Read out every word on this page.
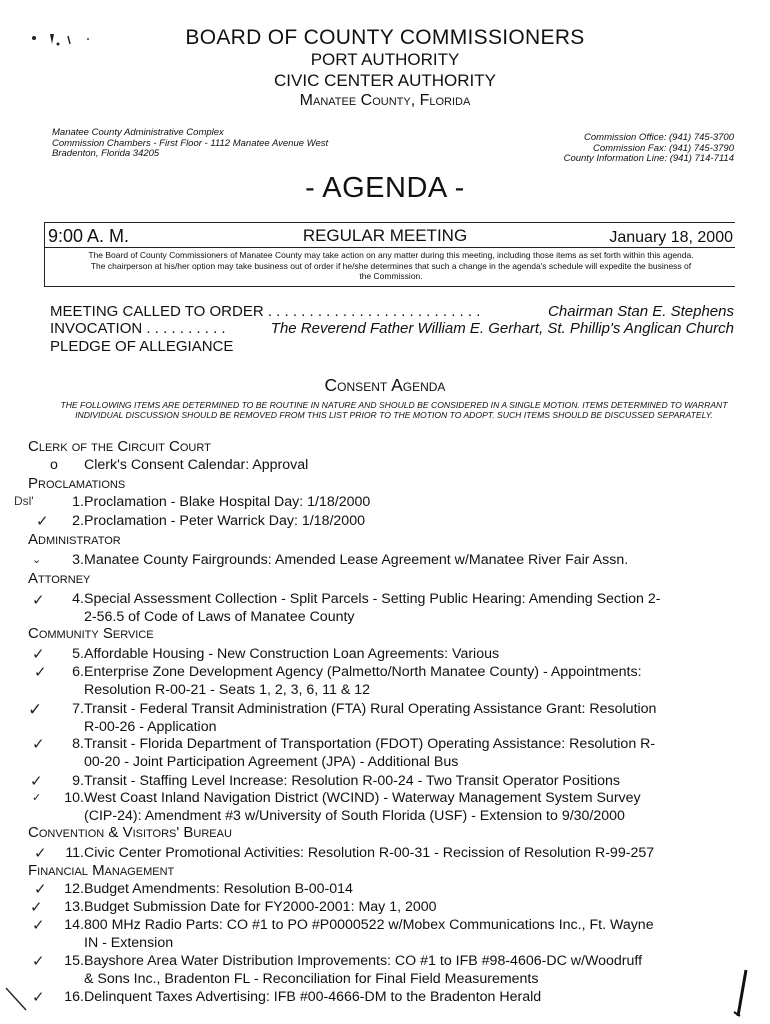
BOARD OF COUNTY COMMISSIONERS
PORT AUTHORITY
CIVIC CENTER AUTHORITY
Manatee County, Florida
Manatee County Administrative Complex
Commission Chambers - First Floor - 1112 Manatee Avenue West
Bradenton, Florida 34205
Commission Office: (941) 745-3700
Commission Fax: (941) 745-3790
County Information Line: (941) 714-7114
- AGENDA -
9:00 A. M.	REGULAR MEETING	January 18, 2000
The Board of County Commissioners of Manatee County may take action on any matter during this meeting, including those items as set forth within this agenda.
The chairperson at his/her option may take business out of order if he/she determines that such a change in the agenda's schedule will expedite the business of
the Commission.
MEETING CALLED TO ORDER . . . . . . . . . . . . . . . . . . . . . . . . . .	Chairman Stan E. Stephens
INVOCATION . . . . . . . . . .	The Reverend Father William E. Gerhart, St. Phillip's Anglican Church
PLEDGE OF ALLEGIANCE
Consent Agenda
THE FOLLOWING ITEMS ARE DETERMINED TO BE ROUTINE IN NATURE AND SHOULD BE CONSIDERED IN A SINGLE MOTION. ITEMS DETERMINED TO WARRANT
INDIVIDUAL DISCUSSION SHOULD BE REMOVED FROM THIS LIST PRIOR TO THE MOTION TO ADOPT. SUCH ITEMS SHOULD BE DISCUSSED SEPARATELY.
Clerk of the Circuit Court
o Clerk's Consent Calendar: Approval
Proclamations
Dsl'	1. Proclamation - Blake Hospital Day: 1/18/2000
✓	2. Proclamation - Peter Warrick Day: 1/18/2000
Administrator
⌄	3. Manatee County Fairgrounds: Amended Lease Agreement w/Manatee River Fair Assn.
Attorney
✓	4. Special Assessment Collection - Split Parcels - Setting Public Hearing: Amending Section 2-
2-56.5 of Code of Laws of Manatee County
Community Service
✓	5. Affordable Housing - New Construction Loan Agreements: Various
✓	6. Enterprise Zone Development Agency (Palmetto/North Manatee County) - Appointments:
Resolution R-00-21 - Seats 1, 2, 3, 6, 11 & 12
✓	7. Transit - Federal Transit Administration (FTA) Rural Operating Assistance Grant: Resolution
R-00-26 - Application
✓	8. Transit - Florida Department of Transportation (FDOT) Operating Assistance: Resolution R-
00-20 - Joint Participation Agreement (JPA) - Additional Bus
✓	9. Transit - Staffing Level Increase: Resolution R-00-24 - Two Transit Operator Positions
✓	10. West Coast Inland Navigation District (WCIND) - Waterway Management System Survey
(CIP-24): Amendment #3 w/University of South Florida (USF) - Extension to 9/30/2000
Convention & Visitors' Bureau
✓	11. Civic Center Promotional Activities: Resolution R-00-31 - Recission of Resolution R-99-257
Financial Management
✓	12. Budget Amendments: Resolution B-00-014
✓	13. Budget Submission Date for FY2000-2001: May 1, 2000
✓	14. 800 MHz Radio Parts: CO #1 to PO #P0000522 w/Mobex Communications Inc., Ft. Wayne
IN - Extension
✓	15. Bayshore Area Water Distribution Improvements: CO #1 to IFB #98-4606-DC w/Woodruff
& Sons Inc., Bradenton FL - Reconciliation for Final Field Measurements
✓	16. Delinquent Taxes Advertising: IFB #00-4666-DM to the Bradenton Herald
